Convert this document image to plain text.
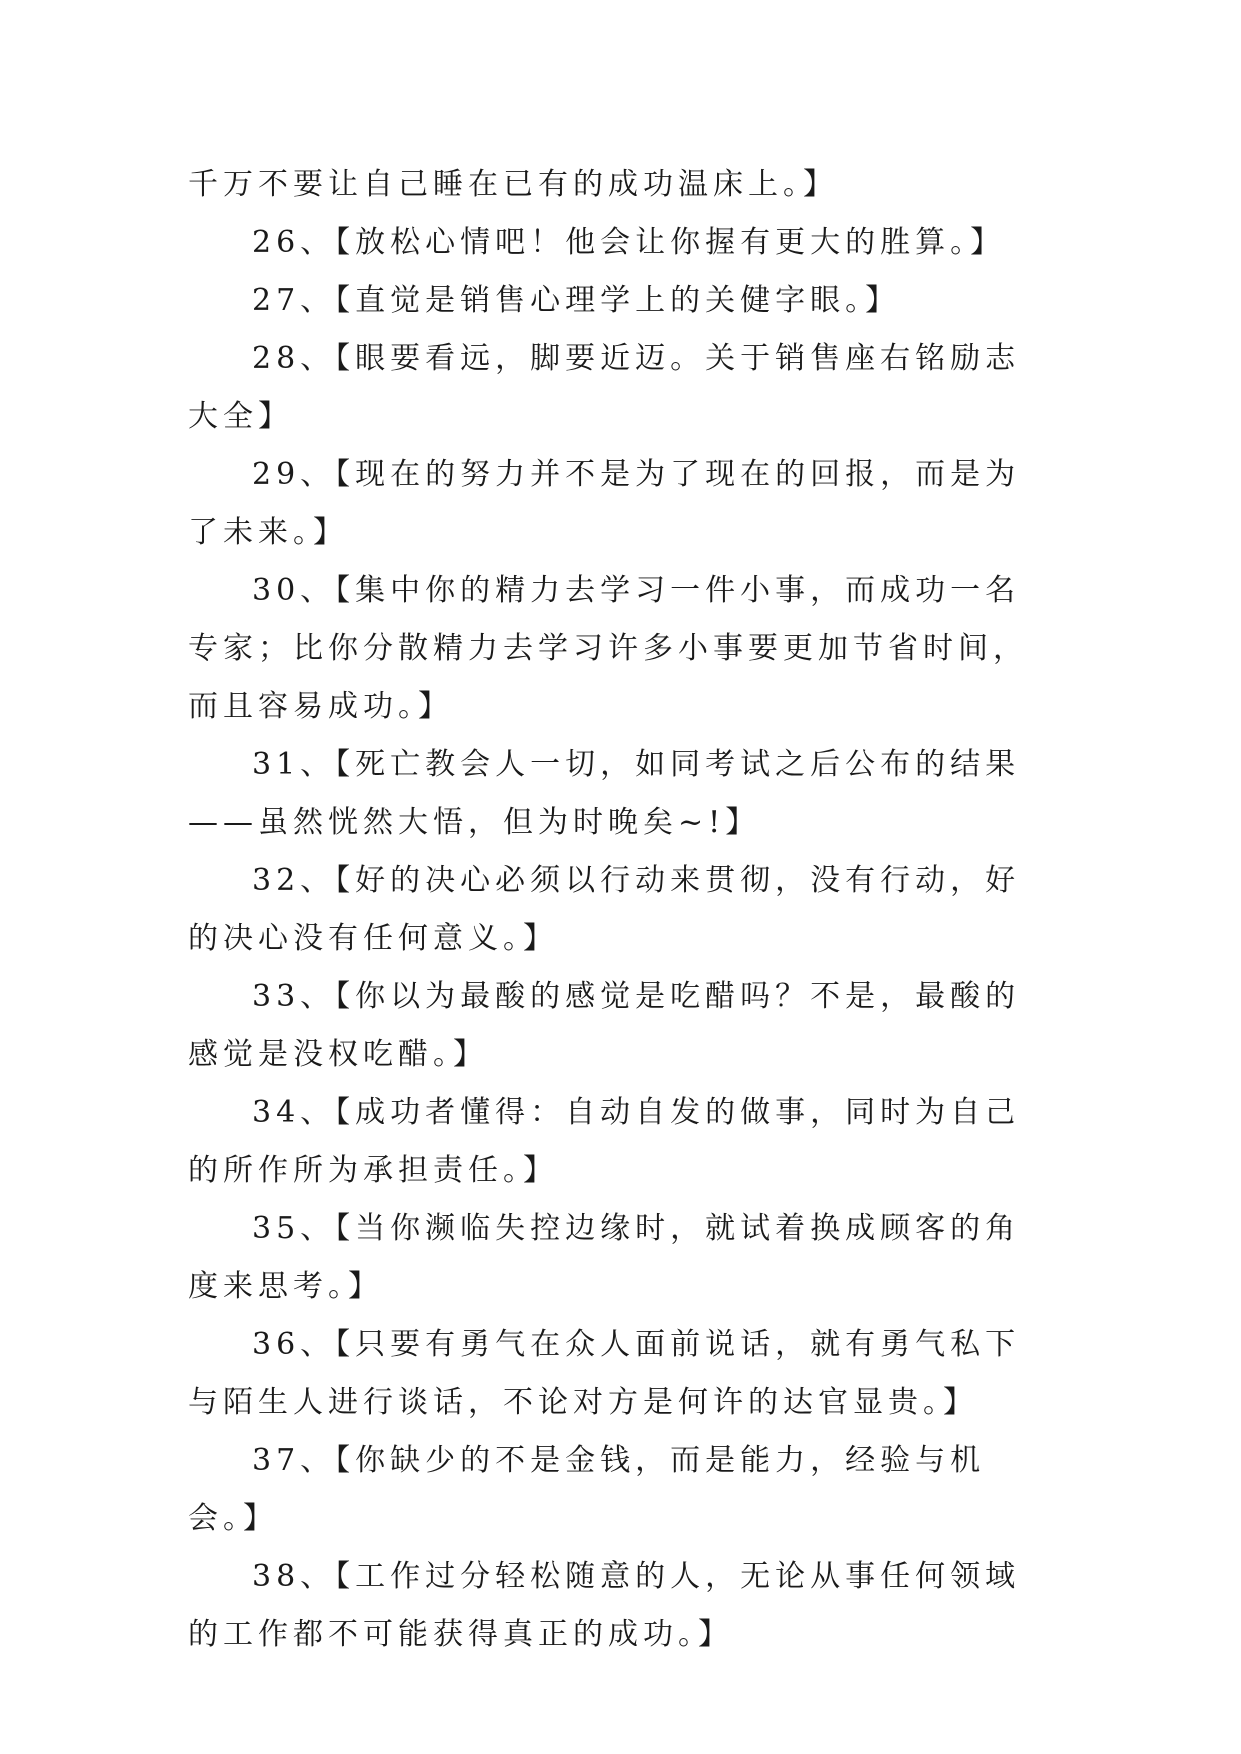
千万不要让自己睡在已有的成功温床上。】

26、【放松心情吧！他会让你握有更大的胜算。】

27、【直觉是销售心理学上的关健字眼。】

28、【眼要看远，脚要近迈。关于销售座右铭励志大全】

29、【现在的努力并不是为了现在的回报，而是为了未来。】

30、【集中你的精力去学习一件小事，而成功一名专家；比你分散精力去学习许多小事要更加节省时间，而且容易成功。】

31、【死亡教会人一切，如同考试之后公布的结果——虽然恍然大悟，但为时晚矣~!】

32、【好的决心必须以行动来贯彻，没有行动，好的决心没有任何意义。】

33、【你以为最酸的感觉是吃醋吗？不是，最酸的感觉是没权吃醋。】

34、【成功者懂得：自动自发的做事，同时为自己的所作所为承担责任。】

35、【当你濒临失控边缘时，就试着换成顾客的角度来思考。】

36、【只要有勇气在众人面前说话，就有勇气私下与陌生人进行谈话，不论对方是何许的达官显贵。】

37、【你缺少的不是金钱，而是能力，经验与机会。】

38、【工作过分轻松随意的人，无论从事任何领域的工作都不可能获得真正的成功。】
